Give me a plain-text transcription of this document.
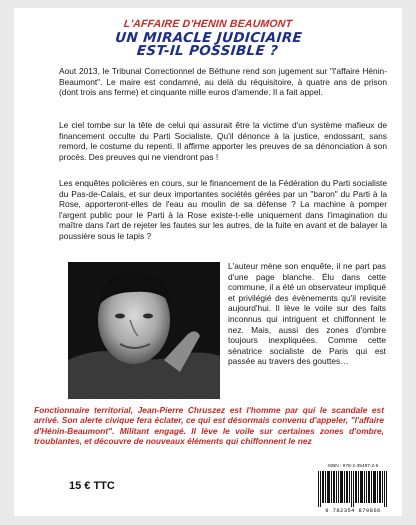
L'AFFAIRE D'HENIN BEAUMONT
UN MIRACLE JUDICIAIRE
EST-IL POSSIBLE ?

Aout 2013, le Tribunal Correctionnel de Béthune rend son jugement sur "l'affaire Hénin-Beaumont". Le maire est condamné, au delà du réquisitoire, à quatre ans de prison (dont trois ans ferme) et cinquante mille euros d'amende. Il a fait appel.

Le ciel tombe sur la tête de celui qui assurait être la victime d'un système mafieux de financement occulte du Parti Socialiste. Qu'il dénonce à la justice, endossant, sans remord, le costume du repenti. Il affirme apporter les preuves de sa dénonciation à son procès. Des preuves qui ne viendront pas !

Les enquêtes policières en cours, sur le financement de la Fédération du Parti socialiste du Pas-de-Calais, et sur deux importantes sociétés gérées par un "baron" du Parti à la Rose, apporteront-elles de l'eau au moulin de sa défense ? La machine à pomper l'argent public pour le Parti à la Rose existe-t-elle uniquement dans l'imagination du maître dans l'art de rejeter les fautes sur les autres, de la fuite en avant et de balayer la poussière sous le tapis ?

L'auteur mène son enquête, il ne part pas d'une page blanche. Élu dans cette commune, il a été un observateur impliqué et privilégié des évènements qu'il revisite aujourd'hui. Il lève le voile sur des faits inconnus qui intriguent et chiffonnent le nez. Mais, aussi des zones d'ombre toujours inexpliquées. Comme cette sénatrice socialiste de Paris qui est passée au travers des gouttes…

Fonctionnaire territorial, Jean-Pierre Chruszez est l'homme par qui le scandale est arrivé. Son alerte civique fera éclater, ce qui est désormais convenu d'appeler, "l'affaire d'Hénin-Beaumont". Militant engagé. Il lève le voile sur certaines zones d'ombre, troublantes, et découvre de nouveaux éléments qui chiffonnent le nez

15 € TTC
ISBN : 978-2-35487-2-6
9 782354 870866
